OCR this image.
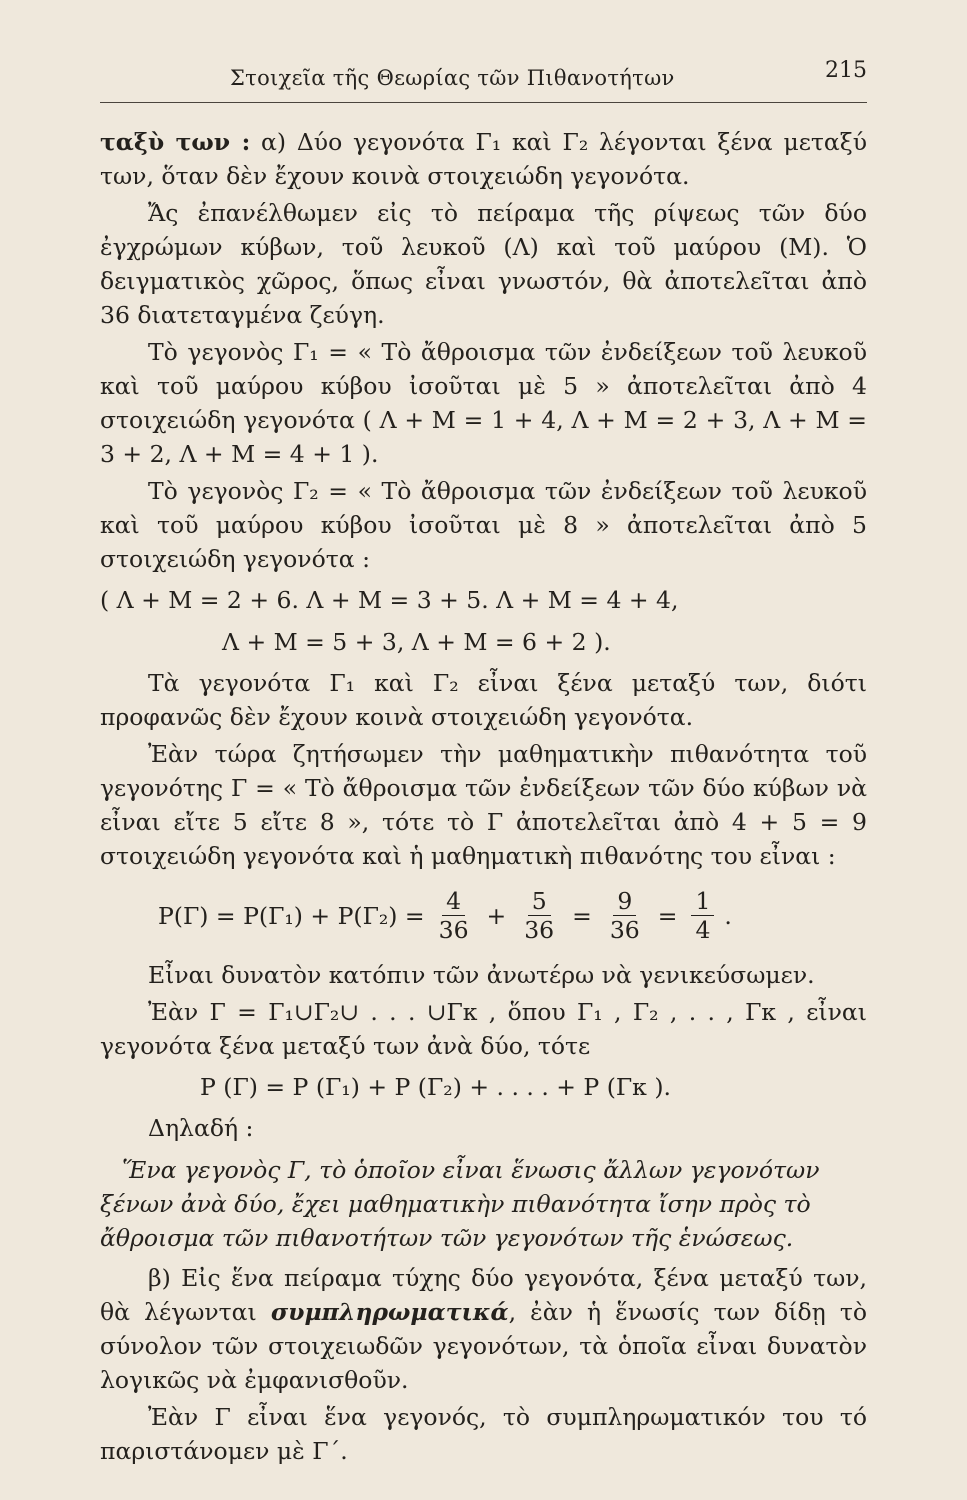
Στοιχεῖα τῆς Θεωρίας τῶν Πιθανοτήτων	215

ταξὺ των : α) Δύο γεγονότα Γ₁ καὶ Γ₂ λέγονται ξένα μεταξύ των, ὅταν δὲν ἔχουν κοινὰ στοιχειώδη γεγονότα.

Ἄς ἐπανέλθωμεν εἰς τὸ πείραμα τῆς ρίψεως τῶν δύο ἐγχρώμων κύβων, τοῦ λευκοῦ (Λ) καὶ τοῦ μαύρου (Μ). Ὁ δειγματικὸς χῶρος, ὅπως εἶναι γνωστόν, θὰ ἀποτελεῖται ἀπὸ 36 διατεταγμένα ζεύγη.

Τὸ γεγονὸς Γ₁ = « Τὸ ἄθροισμα τῶν ἐνδείξεων τοῦ λευκοῦ καὶ τοῦ μαύρου κύβου ἰσοῦται μὲ 5 » ἀποτελεῖται ἀπὸ 4 στοιχειώδη γεγονότα ( Λ + Μ = 1 + 4, Λ + Μ = 2 + 3, Λ + Μ = 3 + 2, Λ + Μ = 4 + 1 ).

Τὸ γεγονὸς Γ₂ = « Τὸ ἄθροισμα τῶν ἐνδείξεων τοῦ λευκοῦ καὶ τοῦ μαύρου κύβου ἰσοῦται μὲ 8 » ἀποτελεῖται ἀπὸ 5 στοιχειώδη γεγονότα :

( Λ + Μ = 2 + 6. Λ + Μ = 3 + 5. Λ + Μ = 4 + 4,
Λ + Μ = 5 + 3, Λ + Μ = 6 + 2 ).

Τὰ γεγονότα Γ₁ καὶ Γ₂ εἶναι ξένα μεταξύ των, διότι προφανῶς δὲν ἔχουν κοινὰ στοιχειώδη γεγονότα.

Ἐὰν τώρα ζητήσωμεν τὴν μαθηματικὴν πιθανότητα τοῦ γεγονότης Γ = « Τὸ ἄθροισμα τῶν ἐνδείξεων τῶν δύο κύβων νὰ εἶναι εἴτε 5 εἴτε 8 », τότε τὸ Γ ἀποτελεῖται ἀπὸ 4 + 5 = 9 στοιχειώδη γεγονότα καὶ ἡ μαθηματικὴ πιθανότης του εἶναι :

$P(\Gamma) = P(\Gamma_1) + P(\Gamma_2) = \frac{4}{36} + \frac{5}{36} = \frac{9}{36} = \frac{1}{4}$ .

Εἶναι δυνατὸν κατόπιν τῶν ἀνωτέρω νὰ γενικεύσωμεν.

Ἐὰν Γ = Γ₁∪Γ₂∪ . . . ∪Γκ , ὅπου Γ₁ , Γ₂ , . . , Γκ , εἶναι γεγονότα ξένα μεταξύ των ἀνὰ δύο, τότε

P (Γ) = P (Γ₁) + P (Γ₂) + . . . . + P (Γκ ).

Δηλαδή :

Ἕνα γεγονὸς Γ, τὸ ὁποῖον εἶναι ἕνωσις ἄλλων γεγονότων ξένων ἀνὰ δύο, ἔχει μαθηματικὴν πιθανότητα ἴσην πρὸς τὸ ἄθροισμα τῶν πιθανοτήτων τῶν γεγονότων τῆς ἑνώσεως.

β) Εἰς ἕνα πείραμα τύχης δύο γεγονότα, ξένα μεταξύ των, θὰ λέγωνται συμπληρωματικά, ἐὰν ἡ ἕνωσίς των δίδῃ τὸ σύνολον τῶν στοιχειωδῶν γεγονότων, τὰ ὁποῖα εἶναι δυνατὸν λογικῶς νὰ ἐμφανισθοῦν.

Ἐὰν Γ εἶναι ἕνα γεγονός, τὸ συμπληρωματικόν του τό παριστάνομεν μὲ Γ΄.
